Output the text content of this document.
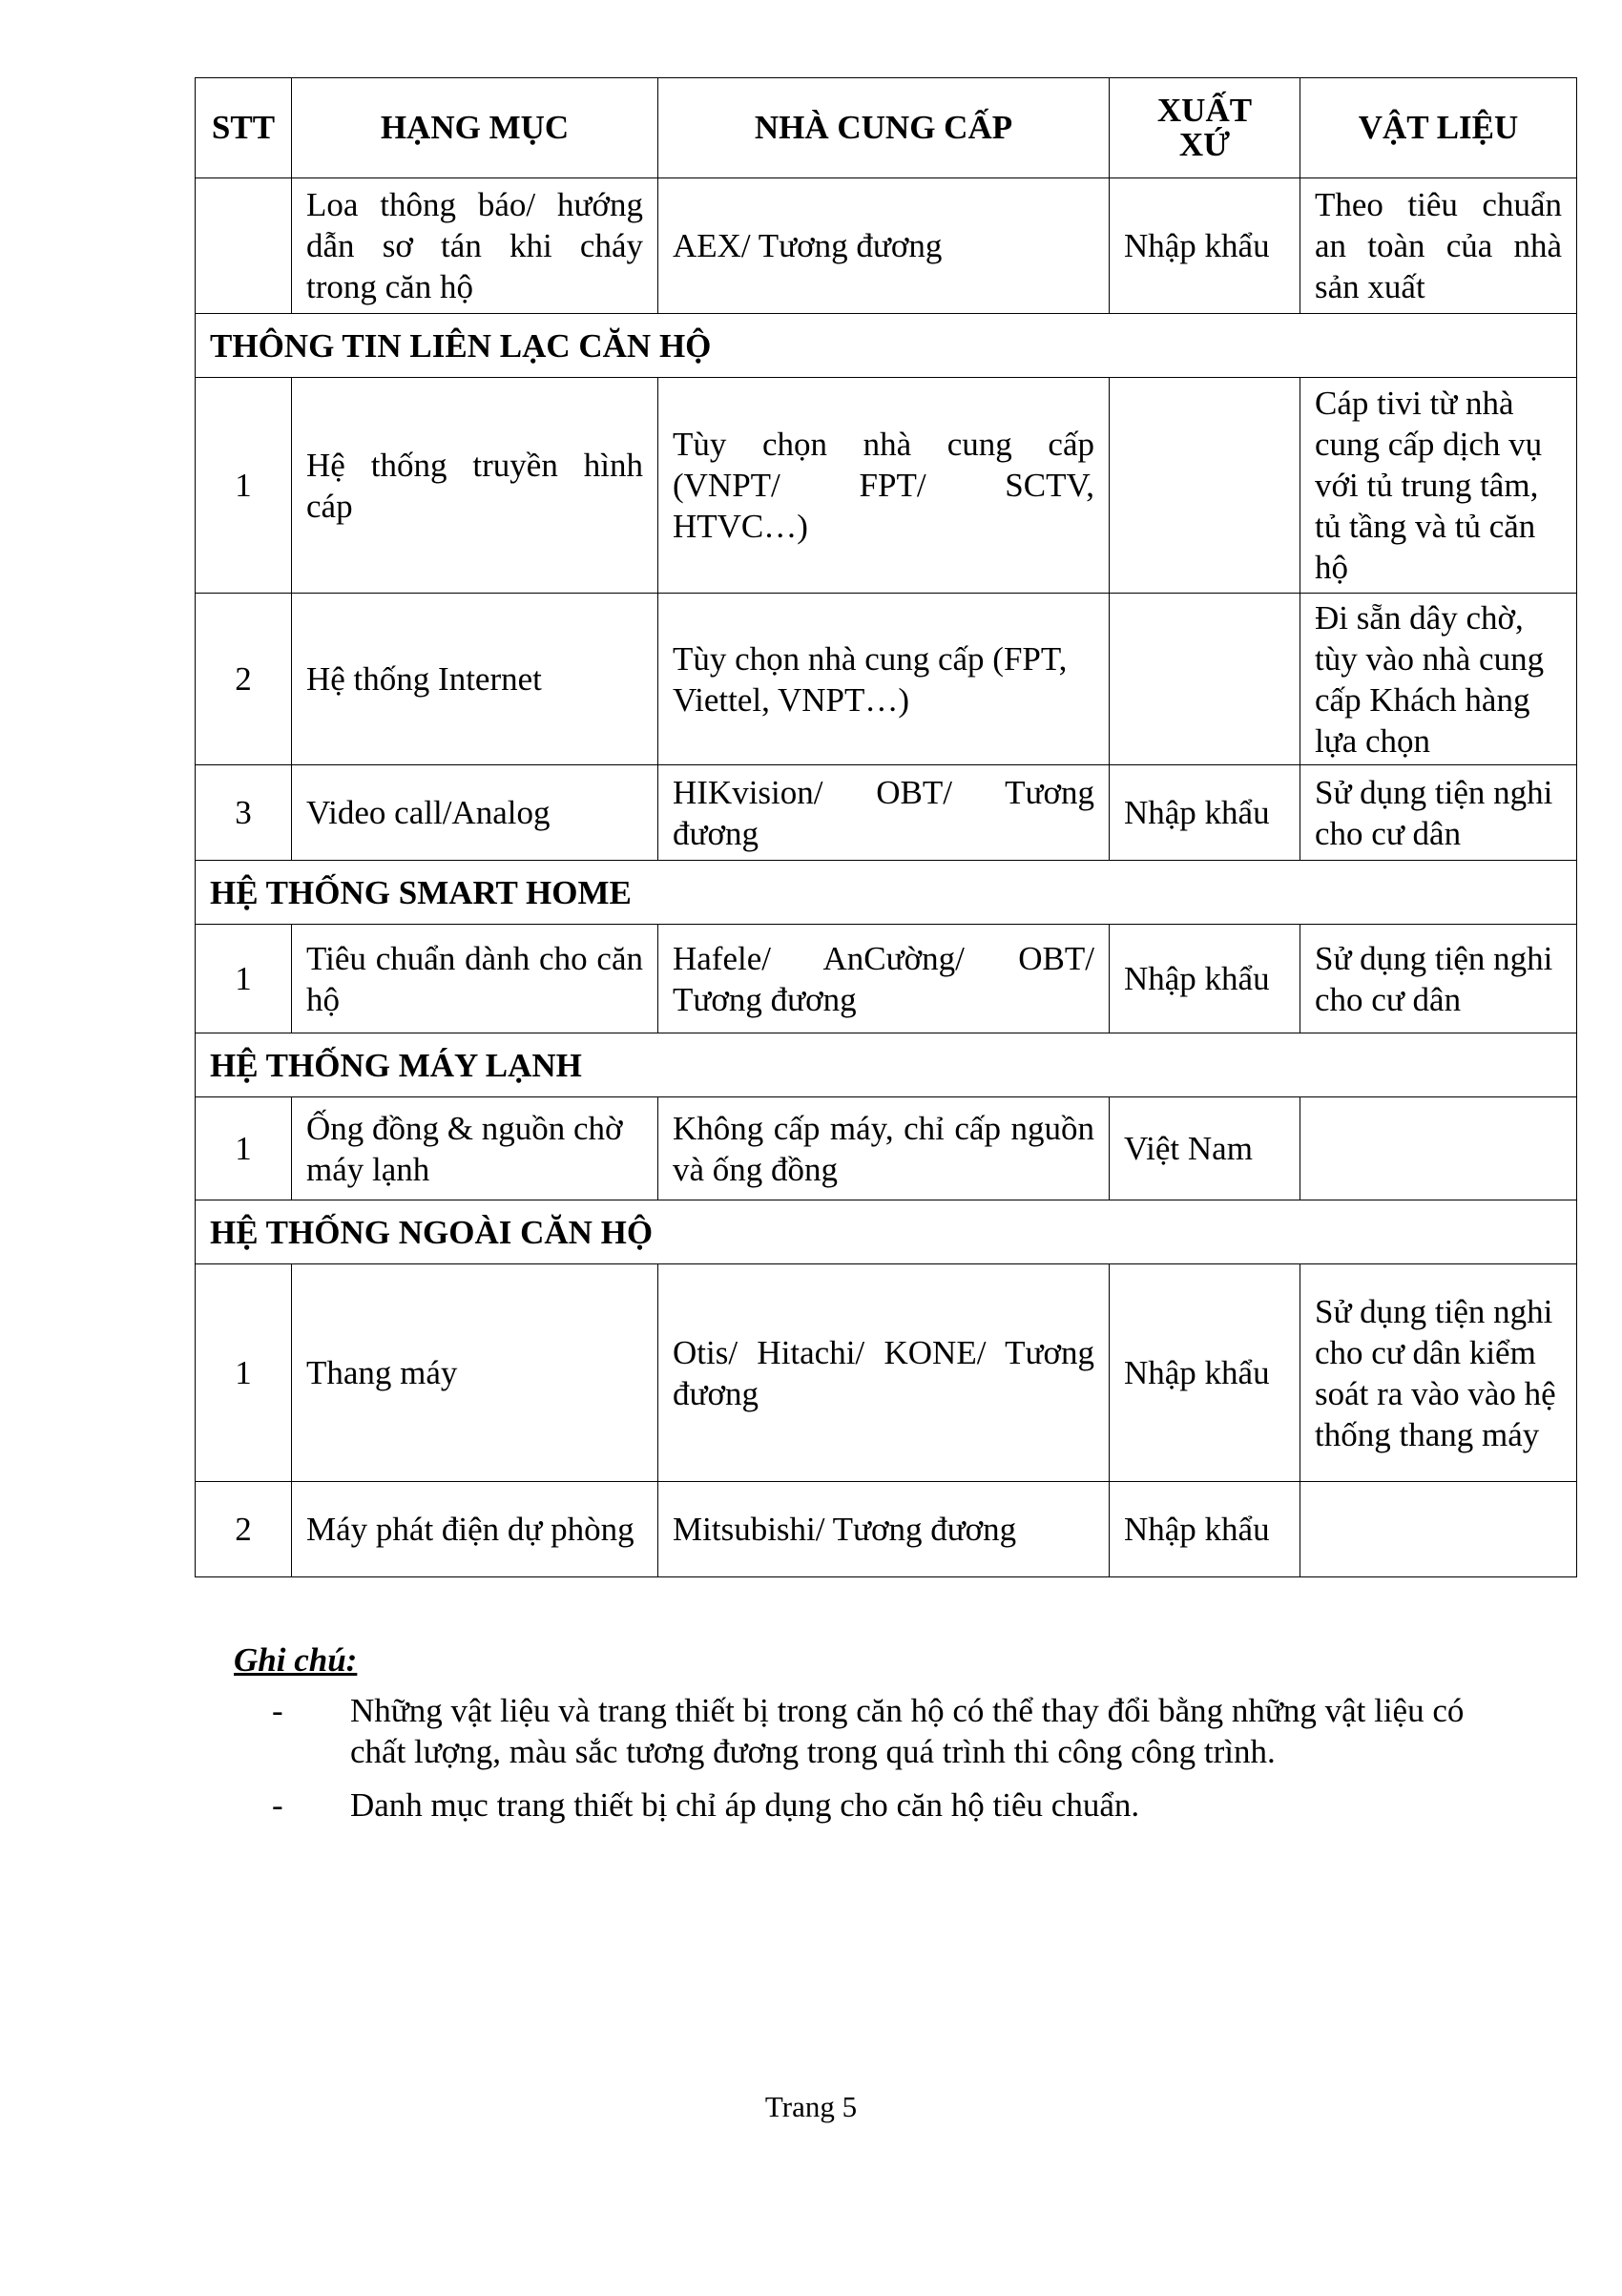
STT	HẠNG MỤC	NHÀ CUNG CẤP	XUẤT XỨ	VẬT LIỆU
	Loa thông báo/ hướng dẫn sơ tán khi cháy trong căn hộ	AEX/ Tương đương	Nhập khẩu	Theo tiêu chuẩn an toàn của nhà sản xuất
THÔNG TIN LIÊN LẠC CĂN HỘ				
1	Hệ thống truyền hình cáp	Tùy chọn nhà cung cấp (VNPT/ FPT/ SCTV, HTVC…)		Cáp tivi từ nhà cung cấp dịch vụ với tủ trung tâm, tủ tầng và tủ căn hộ
2	Hệ thống Internet	Tùy chọn nhà cung cấp (FPT, Viettel, VNPT…)		Đi sẵn dây chờ, tùy vào nhà cung cấp Khách hàng lựa chọn
3	Video call/Analog	HIKvision/ OBT/ Tương đương	Nhập khẩu	Sử dụng tiện nghi cho cư dân
HỆ THỐNG SMART HOME				
1	Tiêu chuẩn dành cho căn hộ	Hafele/ AnCường/ OBT/ Tương đương	Nhập khẩu	Sử dụng tiện nghi cho cư dân
HỆ THỐNG MÁY LẠNH				
1	Ống đồng & nguồn chờ máy lạnh	Không cấp máy, chỉ cấp nguồn và ống đồng	Việt Nam	
HỆ THỐNG NGOÀI CĂN HỘ				
1	Thang máy	Otis/ Hitachi/ KONE/ Tương đương	Nhập khẩu	Sử dụng tiện nghi cho cư dân kiểm soát ra vào vào hệ thống thang máy
2	Máy phát điện dự phòng	Mitsubishi/ Tương đương	Nhập khẩu	
Ghi chú:
-	Những vật liệu và trang thiết bị trong căn hộ có thể thay đổi bằng những vật liệu có chất lượng, màu sắc tương đương trong quá trình thi công công trình.
-	Danh mục trang thiết bị chỉ áp dụng cho căn hộ tiêu chuẩn.
Trang 5
